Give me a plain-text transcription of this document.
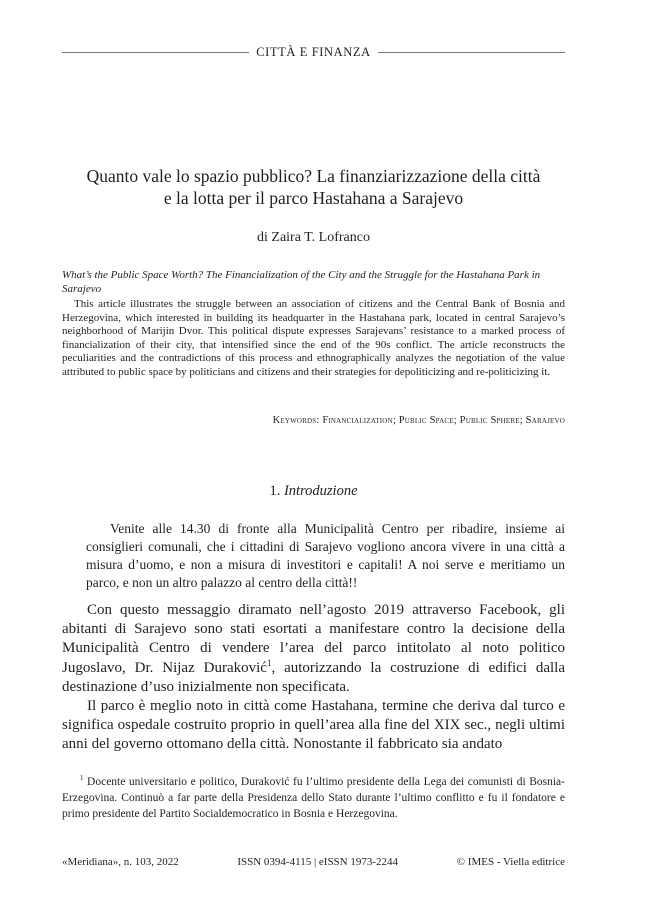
CITTÀ E FINANZA
Quanto vale lo spazio pubblico? La finanziarizzazione della città
e la lotta per il parco Hastahana a Sarajevo
di Zaira T. Lofranco
What’s the Public Space Worth? The Financialization of the City and the Struggle for the Hastahana Park in Sarajevo

This article illustrates the struggle between an association of citizens and the Central Bank of Bosnia and Herzegovina, which interested in building its headquarter in the Hastahana park, located in central Sarajevo’s neighborhood of Marijin Dvor. This political dispute expresses Sarajevans’ resistance to a marked process of financialization of their city, that intensified since the end of the 90s conflict. The article reconstructs the peculiarities and the contradictions of this process and ethnographically analyzes the negotiation of the value attributed to public space by politicians and citizens and their strategies for depoliticizing and re-politicizing it.

Keywords: Financialization; Public Space; Public Sphere; Sarajevo
1. Introduzione

Venite alle 14.30 di fronte alla Municipalità Centro per ribadire, insieme ai consiglieri comunali, che i cittadini di Sarajevo vogliono ancora vivere in una città a misura d’uomo, e non a misura di investitori e capitali! A noi serve e meritiamo un parco, e non un altro palazzo al centro della città!!

Con questo messaggio diramato nell’agosto 2019 attraverso Facebook, gli abitanti di Sarajevo sono stati esortati a manifestare contro la decisione della Municipalità Centro di vendere l’area del parco intitolato al noto politico Jugoslavo, Dr. Nijaz Duraković$^1$, autorizzando la costruzione di edifici dalla destinazione d’uso inizialmente non specificata.

Il parco è meglio noto in città come Hastahana, termine che deriva dal turco e significa ospedale costruito proprio in quell’area alla fine del XIX sec., negli ultimi anni del governo ottomano della città. Nonostante il fabbricato sia andato

$^1$ Docente universitario e politico, Duraković fu l’ultimo presidente della Lega dei comunisti di Bosnia-Erzegovina. Continuò a far parte della Presidenza dello Stato durante l’ultimo conflitto e fu il fondatore e primo presidente del Partito Socialdemocratico in Bosnia e Herzegovina.

«Meridiana», n. 103, 2022	ISSN 0394-4115 | eISSN 1973-2244	© IMES - Viella editrice
